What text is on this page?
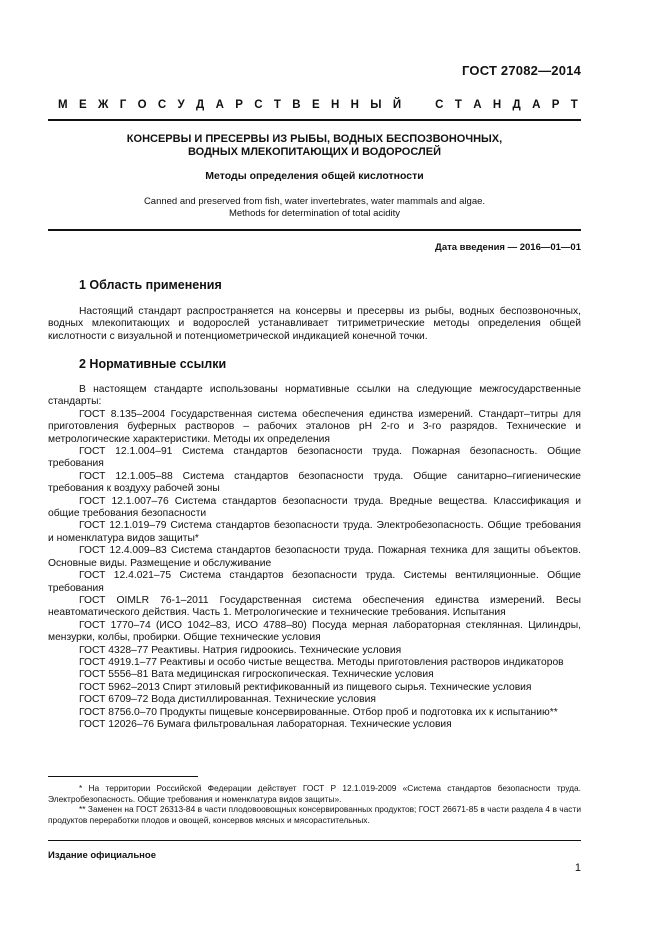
ГОСТ 27082—2014
М Е Ж Г О С У Д А Р С Т В Е Н Н Ы Й	С Т А Н Д А Р Т
КОНСЕРВЫ И ПРЕСЕРВЫ ИЗ РЫБЫ, ВОДНЫХ БЕСПОЗВОНОЧНЫХ,
ВОДНЫХ МЛЕКОПИТАЮЩИХ И ВОДОРОСЛЕЙ
Методы определения общей кислотности
Canned and preserved from fish, water invertebrates, water mammals and algae.
Methods for determination of total acidity
Дата введения — 2016—01—01
1 Область применения
Настоящий стандарт распространяется на консервы и пресервы из рыбы, водных беспозвоночных, водных млекопитающих и водорослей устанавливает титриметрические методы определения общей кислотности с визуальной и потенциометрической индикацией конечной точки.
2 Нормативные ссылки

В настоящем стандарте использованы нормативные ссылки на следующие межгосударственные стандарты:

ГОСТ 8.135–2004 Государственная система обеспечения единства измерений. Стандарт–титры для приготовления буферных растворов – рабочих эталонов pH 2-го и 3-го разрядов. Технические и метрологические характеристики. Методы их определения

ГОСТ 12.1.004–91 Система стандартов безопасности труда. Пожарная безопасность. Общие требования

ГОСТ 12.1.005–88 Система стандартов безопасности труда. Общие санитарно–гигиенические требования к воздуху рабочей зоны

ГОСТ 12.1.007–76 Система стандартов безопасности труда. Вредные вещества. Классификация и общие требования безопасности

ГОСТ 12.1.019–79 Система стандартов безопасности труда. Электробезопасность. Общие требования и номенклатура видов защиты*

ГОСТ 12.4.009–83 Система стандартов безопасности труда. Пожарная техника для защиты объектов. Основные виды. Размещение и обслуживание

ГОСТ 12.4.021–75 Система стандартов безопасности труда. Системы вентиляционные. Общие требования

ГОСТ OIMLR 76-1–2011 Государственная система обеспечения единства измерений. Весы неавтоматического действия. Часть 1. Метрологические и технические требования. Испытания

ГОСТ 1770–74 (ИСО 1042–83, ИСО 4788–80) Посуда мерная лабораторная стеклянная. Цилиндры, мензурки, колбы, пробирки. Общие технические условия

ГОСТ 4328–77 Реактивы. Натрия гидроокись. Технические условия

ГОСТ 4919.1–77 Реактивы и особо чистые вещества. Методы приготовления растворов индикаторов

ГОСТ 5556–81 Вата медицинская гигроскопическая. Технические условия

ГОСТ 5962–2013 Спирт этиловый ректификованный из пищевого сырья. Технические условия

ГОСТ 6709–72 Вода дистиллированная. Технические условия

ГОСТ 8756.0–70 Продукты пищевые консервированные. Отбор проб и подготовка их к испытанию**

ГОСТ 12026–76 Бумага фильтровальная лабораторная. Технические условия

* На территории Российской Федерации действует ГОСТ Р 12.1.019-2009 «Система стандартов безопасности труда. Электробезопасность. Общие требования и номенклатура видов защиты».

** Заменен на ГОСТ 26313-84 в части плодовоовощных консервированных продуктов; ГОСТ 26671-85 в части раздела 4 в части продуктов переработки плодов и овощей, консервов мясных и мясорастительных.

Издание официальное
1
